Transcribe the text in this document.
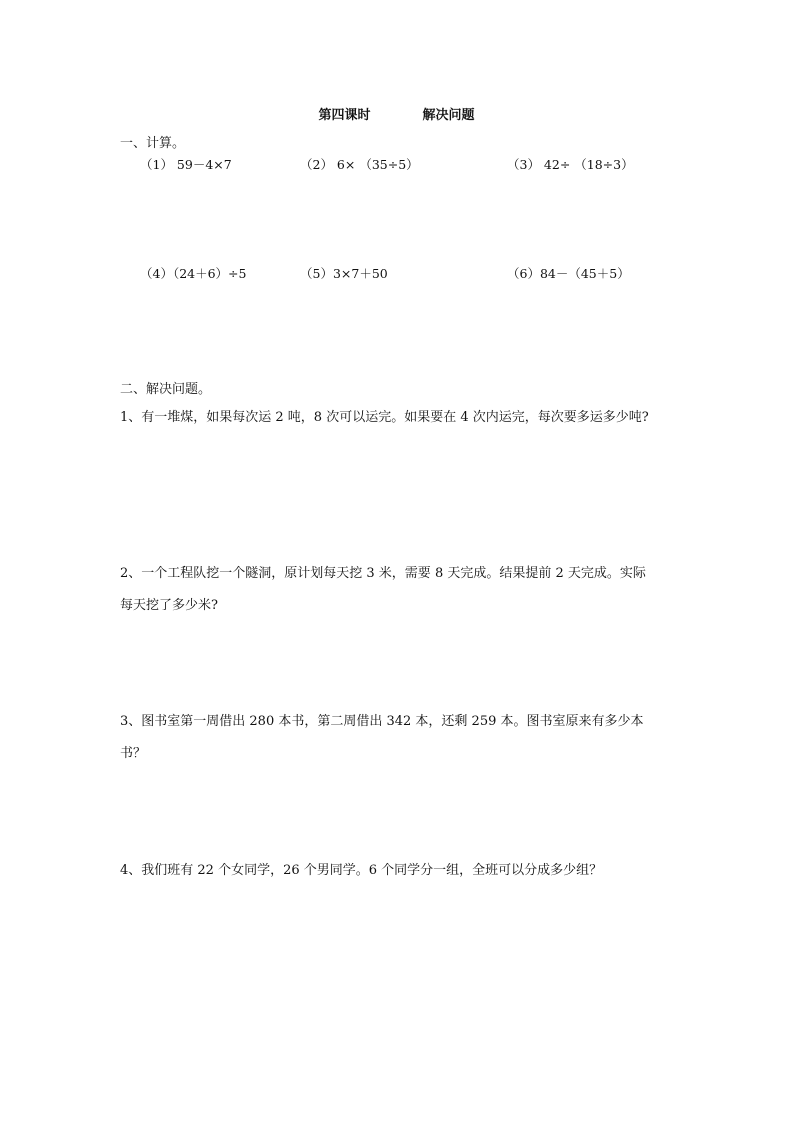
第四课时	解决问题
一、计算。
（1） 59－4×7	（2） 6× （35÷5）	（3） 42÷ （18÷3）
（4）（24＋6）÷5	（5）3×7＋50	（6）84－（45＋5）
二、解决问题。
1、有一堆煤，如果每次运 2 吨，8 次可以运完。如果要在 4 次内运完，每次要多运多少吨?
2、一个工程队挖一个隧洞，原计划每天挖 3 米，需要 8 天完成。结果提前 2 天完成。实际
每天挖了多少米?
3、图书室第一周借出 280 本书，第二周借出 342 本，还剩 259 本。图书室原来有多少本
书？
4、我们班有 22 个女同学，26 个男同学。6 个同学分一组，全班可以分成多少组？
